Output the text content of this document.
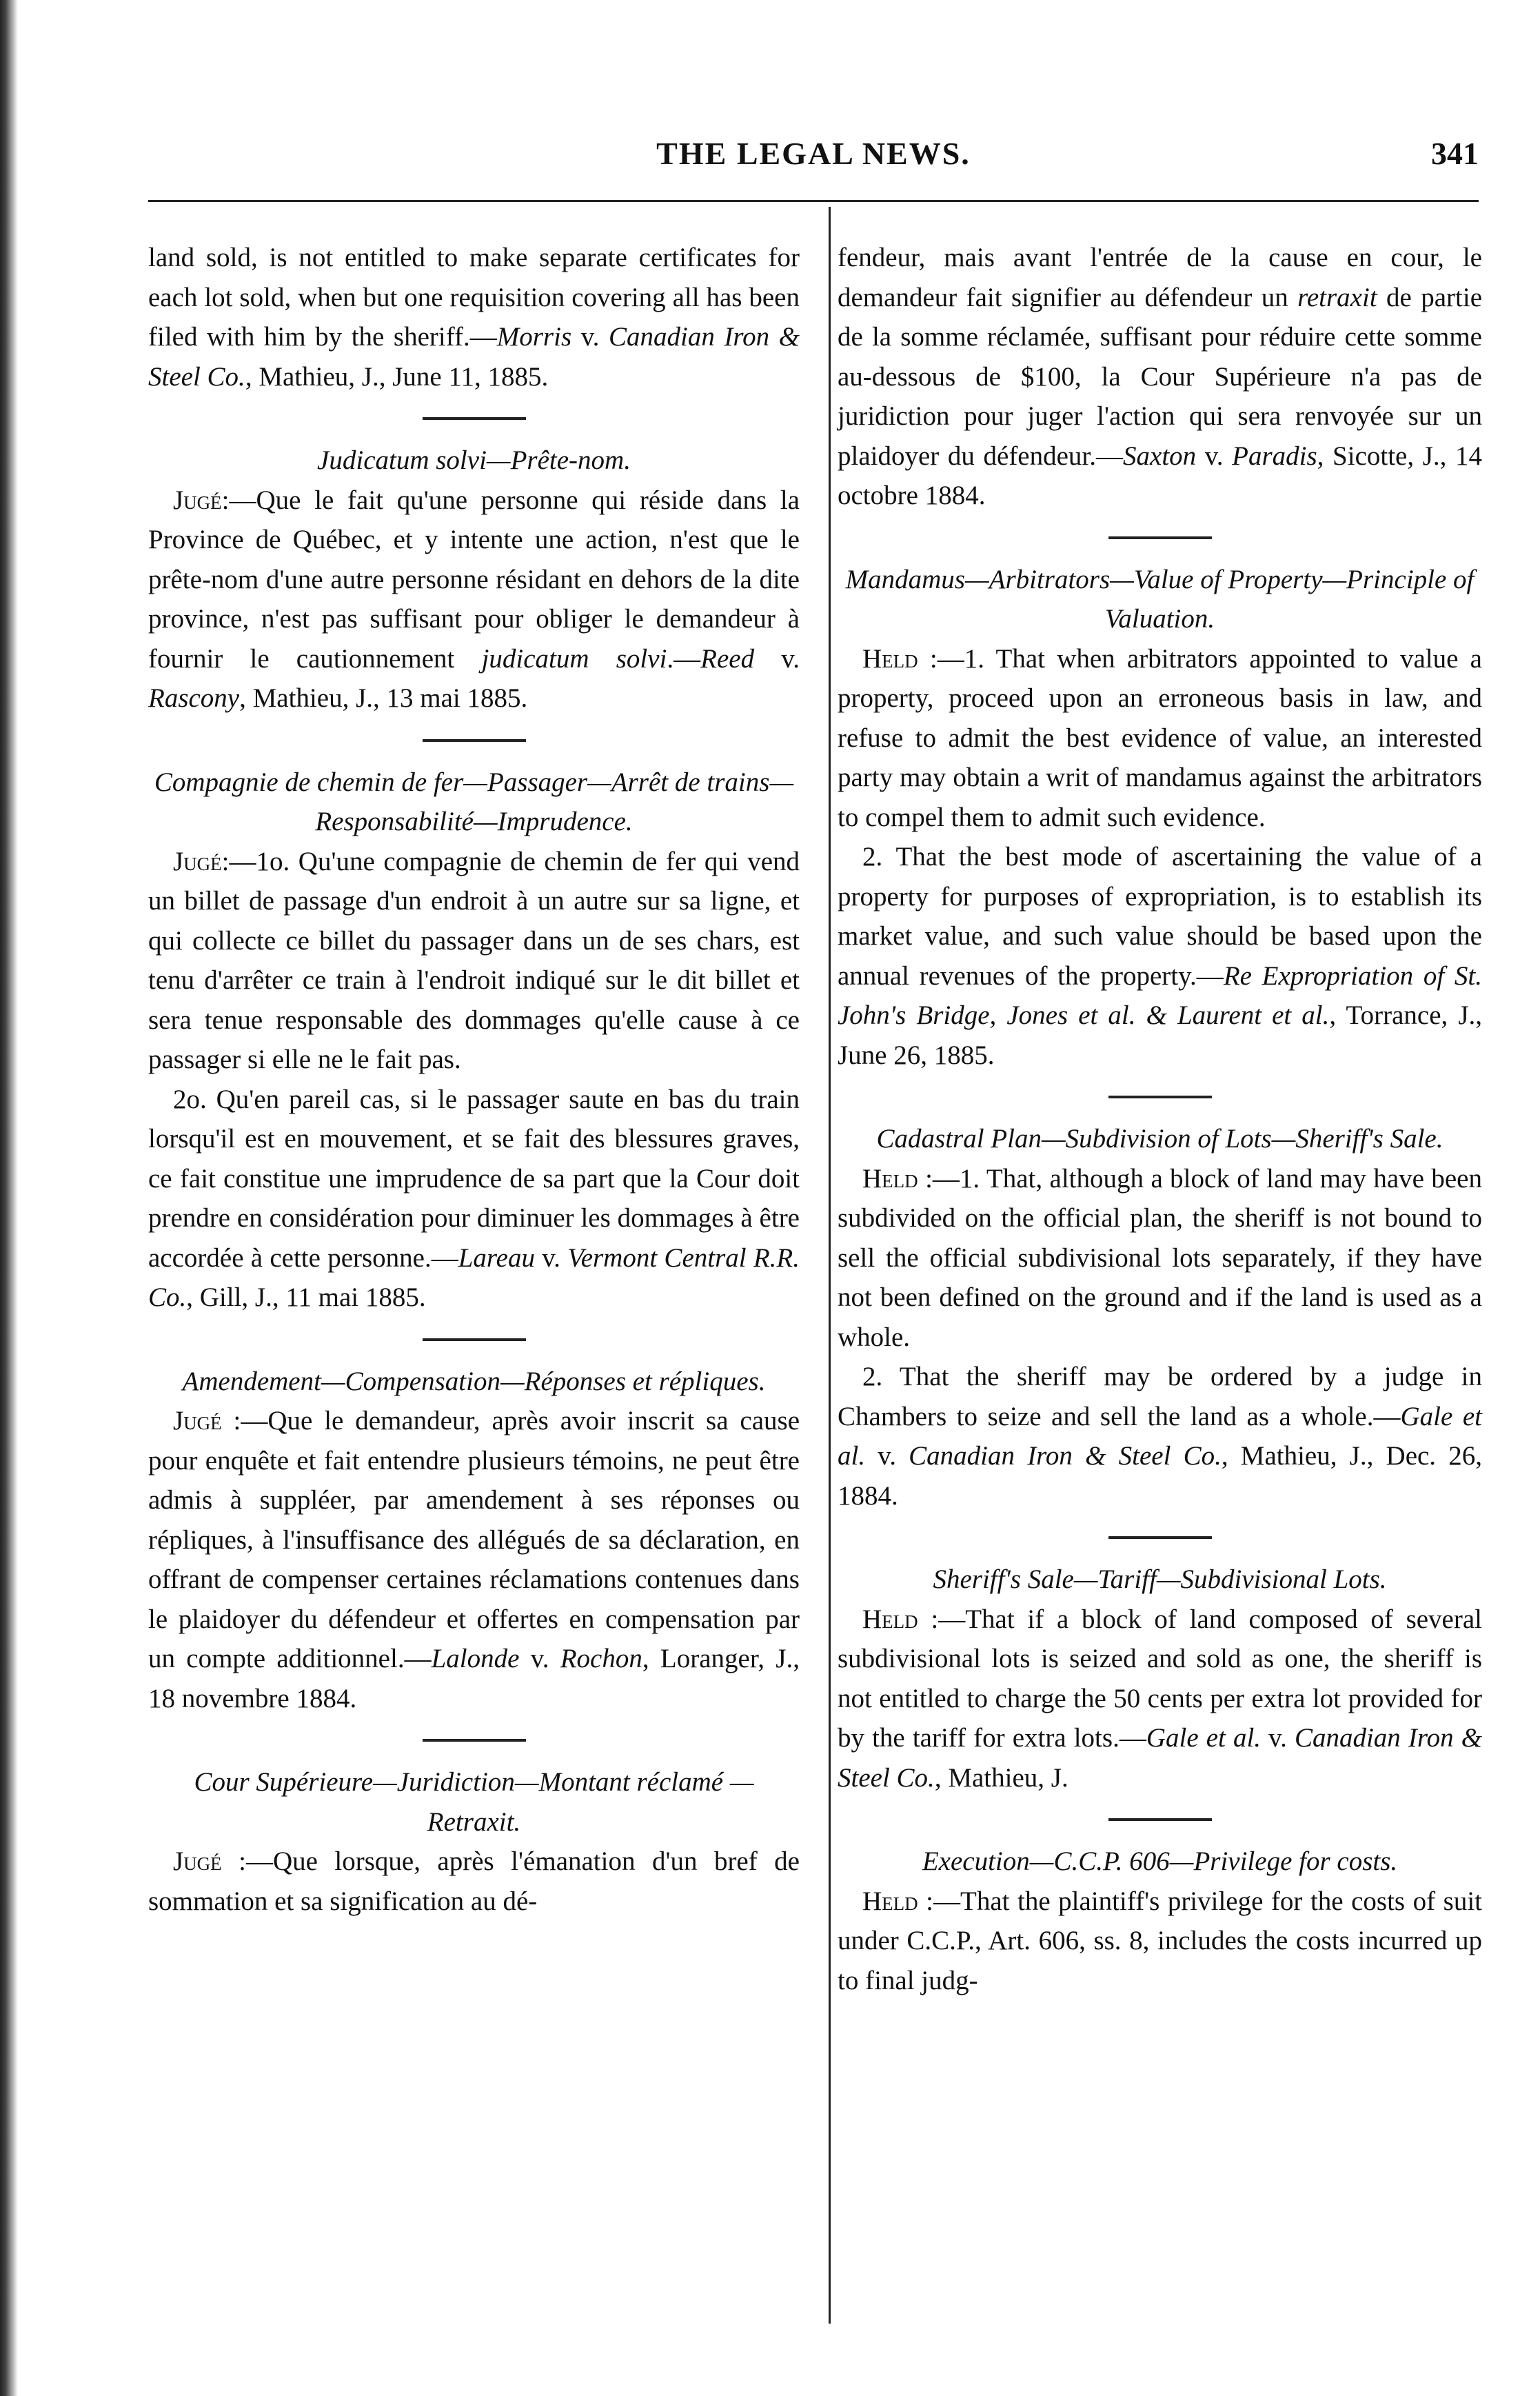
THE LEGAL NEWS.	341

land sold, is not entitled to make separate certificates for each lot sold, when but one requisition covering all has been filed with him by the sheriff.—Morris v. Canadian Iron & Steel Co., Mathieu, J., June 11, 1885.

Judicatum solvi—Prête-nom.

Jugé:—Que le fait qu'une personne qui réside dans la Province de Québec, et y intente une action, n'est que le prête-nom d'une autre personne résidant en dehors de la dite province, n'est pas suffisant pour obliger le demandeur à fournir le cautionnement judicatum solvi.—Reed v. Rascony, Mathieu, J., 13 mai 1885.

Compagnie de chemin de fer—Passager—Arrêt de trains—Responsabilité—Imprudence.

Jugé:—1o. Qu'une compagnie de chemin de fer qui vend un billet de passage d'un endroit à un autre sur sa ligne, et qui collecte ce billet du passager dans un de ses chars, est tenu d'arrêter ce train à l'endroit indiqué sur le dit billet et sera tenue responsable des dommages qu'elle cause à ce passager si elle ne le fait pas.

2o. Qu'en pareil cas, si le passager saute en bas du train lorsqu'il est en mouvement, et se fait des blessures graves, ce fait constitue une imprudence de sa part que la Cour doit prendre en considération pour diminuer les dommages à être accordée à cette personne.—Lareau v. Vermont Central R.R. Co., Gill, J., 11 mai 1885.

Amendement—Compensation—Réponses et répliques.

Jugé :—Que le demandeur, après avoir inscrit sa cause pour enquête et fait entendre plusieurs témoins, ne peut être admis à suppléer, par amendement à ses réponses ou répliques, à l'insuffisance des allégués de sa déclaration, en offrant de compenser certaines réclamations contenues dans le plaidoyer du défendeur et offertes en compensation par un compte additionnel.—Lalonde v. Rochon, Loranger, J., 18 novembre 1884.

Cour Supérieure—Juridiction—Montant réclamé —Retraxit.

Jugé :—Que lorsque, après l'émanation d'un bref de sommation et sa signification au dé-

fendeur, mais avant l'entrée de la cause en cour, le demandeur fait signifier au défendeur un retraxit de partie de la somme réclamée, suffisant pour réduire cette somme au-dessous de $100, la Cour Supérieure n'a pas de juridiction pour juger l'action qui sera renvoyée sur un plaidoyer du défendeur.—Saxton v. Paradis, Sicotte, J., 14 octobre 1884.

Mandamus—Arbitrators—Value of Property—Principle of Valuation.

Held :—1. That when arbitrators appointed to value a property, proceed upon an erroneous basis in law, and refuse to admit the best evidence of value, an interested party may obtain a writ of mandamus against the arbitrators to compel them to admit such evidence.

2. That the best mode of ascertaining the value of a property for purposes of expropriation, is to establish its market value, and such value should be based upon the annual revenues of the property.—Re Expropriation of St. John's Bridge, Jones et al. & Laurent et al., Torrance, J., June 26, 1885.

Cadastral Plan—Subdivision of Lots—Sheriff's Sale.

Held :—1. That, although a block of land may have been subdivided on the official plan, the sheriff is not bound to sell the official subdivisional lots separately, if they have not been defined on the ground and if the land is used as a whole.

2. That the sheriff may be ordered by a judge in Chambers to seize and sell the land as a whole.—Gale et al. v. Canadian Iron & Steel Co., Mathieu, J., Dec. 26, 1884.

Sheriff's Sale—Tariff—Subdivisional Lots.

Held :—That if a block of land composed of several subdivisional lots is seized and sold as one, the sheriff is not entitled to charge the 50 cents per extra lot provided for by the tariff for extra lots.—Gale et al. v. Canadian Iron & Steel Co., Mathieu, J.

Execution—C.C.P. 606—Privilege for costs.

Held :—That the plaintiff's privilege for the costs of suit under C.C.P., Art. 606, ss. 8, includes the costs incurred up to final judg-
